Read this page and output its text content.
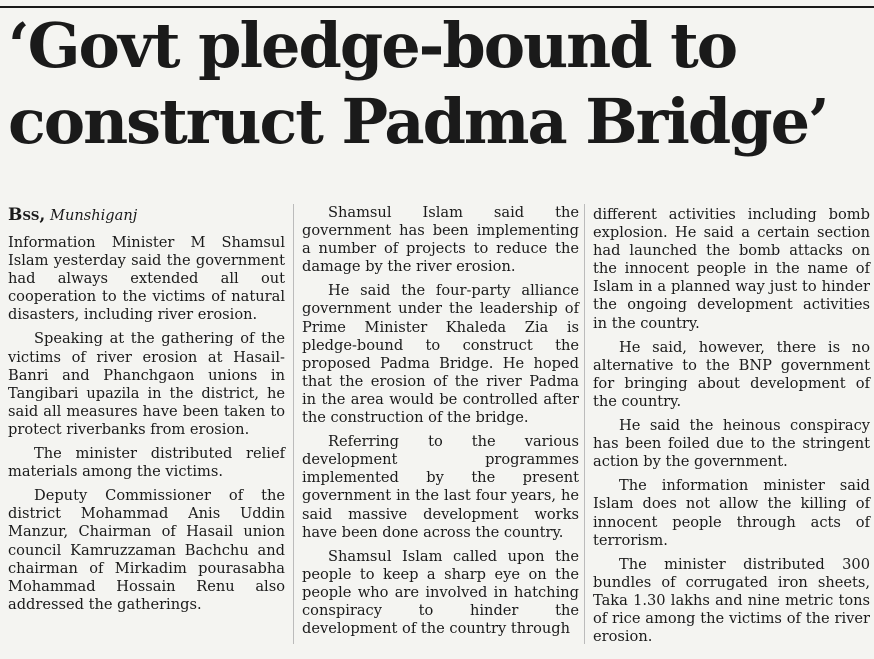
‘Govt pledge-bound to
construct Padma Bridge’
Bss, Munshiganj

Information Minister M Shamsul Islam yesterday said the government had always extended all out cooperation to the victims of natural disasters, including river erosion.

Speaking at the gathering of the victims of river erosion at Hasail-Banri and Phanchgaon unions in Tangibari upazila in the district, he said all measures have been taken to protect riverbanks from erosion.

The minister distributed relief materials among the victims.

Deputy Commissioner of the district Mohammad Anis Uddin Manzur, Chairman of Hasail union council Kamruzzaman Bachchu and chairman of Mirkadim pourasabha Mohammad Hossain Renu also addressed the gatherings.

Shamsul Islam said the government has been implementing a number of projects to reduce the damage by the river erosion.

He said the four-party alliance government under the leadership of Prime Minister Khaleda Zia is pledge-bound to construct the proposed Padma Bridge. He hoped that the erosion of the river Padma in the area would be controlled after the construction of the bridge.

Referring to the various development programmes implemented by the present government in the last four years, he said massive development works have been done across the country.

Shamsul Islam called upon the people to keep a sharp eye on the people who are involved in hatching conspiracy to hinder the development of the country through

different activities including bomb explosion. He said a certain section had launched the bomb attacks on the innocent people in the name of Islam in a planned way just to hinder the ongoing development activities in the country.

He said, however, there is no alternative to the BNP government for bringing about development of the country.

He said the heinous conspiracy has been foiled due to the stringent action by the government.

The information minister said Islam does not allow the killing of innocent people through acts of terrorism.

The minister distributed 300 bundles of corrugated iron sheets, Taka 1.30 lakhs and nine metric tons of rice among the victims of the river erosion.
